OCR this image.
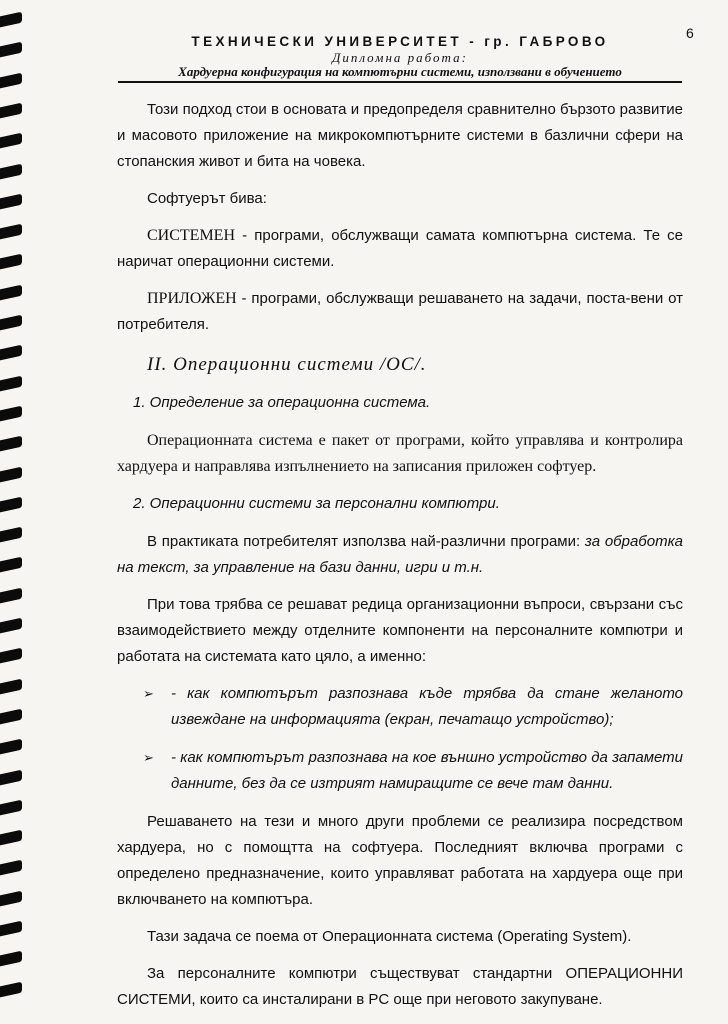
6
ТЕХНИЧЕСКИ УНИВЕРСИТЕТ - гр. ГАБРОВО
Дипломна работа:
Хардуерна конфигурация на компютърни системи, използвани в обучението

Този подход стои в основата и предопределя сравнително бързото развитие и масовото приложение на микрокомпютърните системи в базлични сфери на стопанския живот и бита на човека.

Софтуерът бива:

СИСТЕМЕН - програми, обслужващи самата компютърна система. Те се наричат операционни системи.

ПРИЛОЖЕН - програми, обслужващи решаването на задачи, поста-вени от потребителя.

II. Операционни системи /ОС/.
1. Определение за операционна система.

Операционната система е пакет от програми, който управлява и контролира хардуера и направлява изпълнението на записания приложен софтуер.

2. Операционни системи за персонални компютри.

В практиката потребителят използва най-различни програми: за обработка на текст, за управление на бази данни, игри и т.н.

При това трябва се решават редица организационни въпроси, свързани със взаимодействието между отделните компоненти на персоналните компютри и работата на системата като цяло, а именно:

➢ - как компютърът разпознава къде трябва да стане желаното извеждане на информацията (екран, печатащо устройство);
➢ - как компютърът разпознава на кое външно устройство да запамети данните, без да се изтрият намиращите се вече там данни.

Решаването на тези и много други проблеми се реализира посредством хардуера, но с помощтта на софтуера. Последният включва програми с определено предназначение, които управляват работата на хардуера още при включването на компютъра.

Тази задача се поема от Операционната система (Operating System).

За персоналните компютри съществуват стандартни ОПЕРАЦИОННИ СИСТЕМИ, които са инсталирани в PC още при неговото закупуване.
